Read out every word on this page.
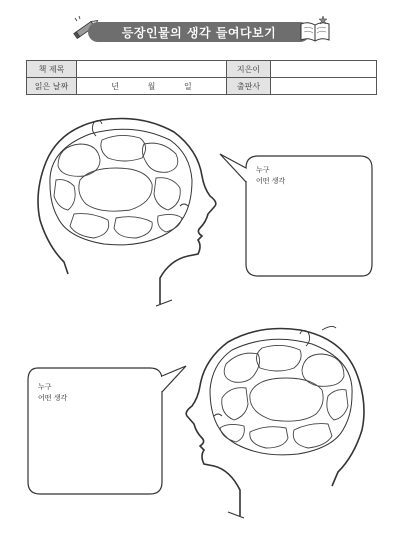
등장인물의 생각 들여다보기
책 제목		지은이	
읽은 날짜	년 월 일	출판사	
누구
어떤 생각
누구
어떤 생각
